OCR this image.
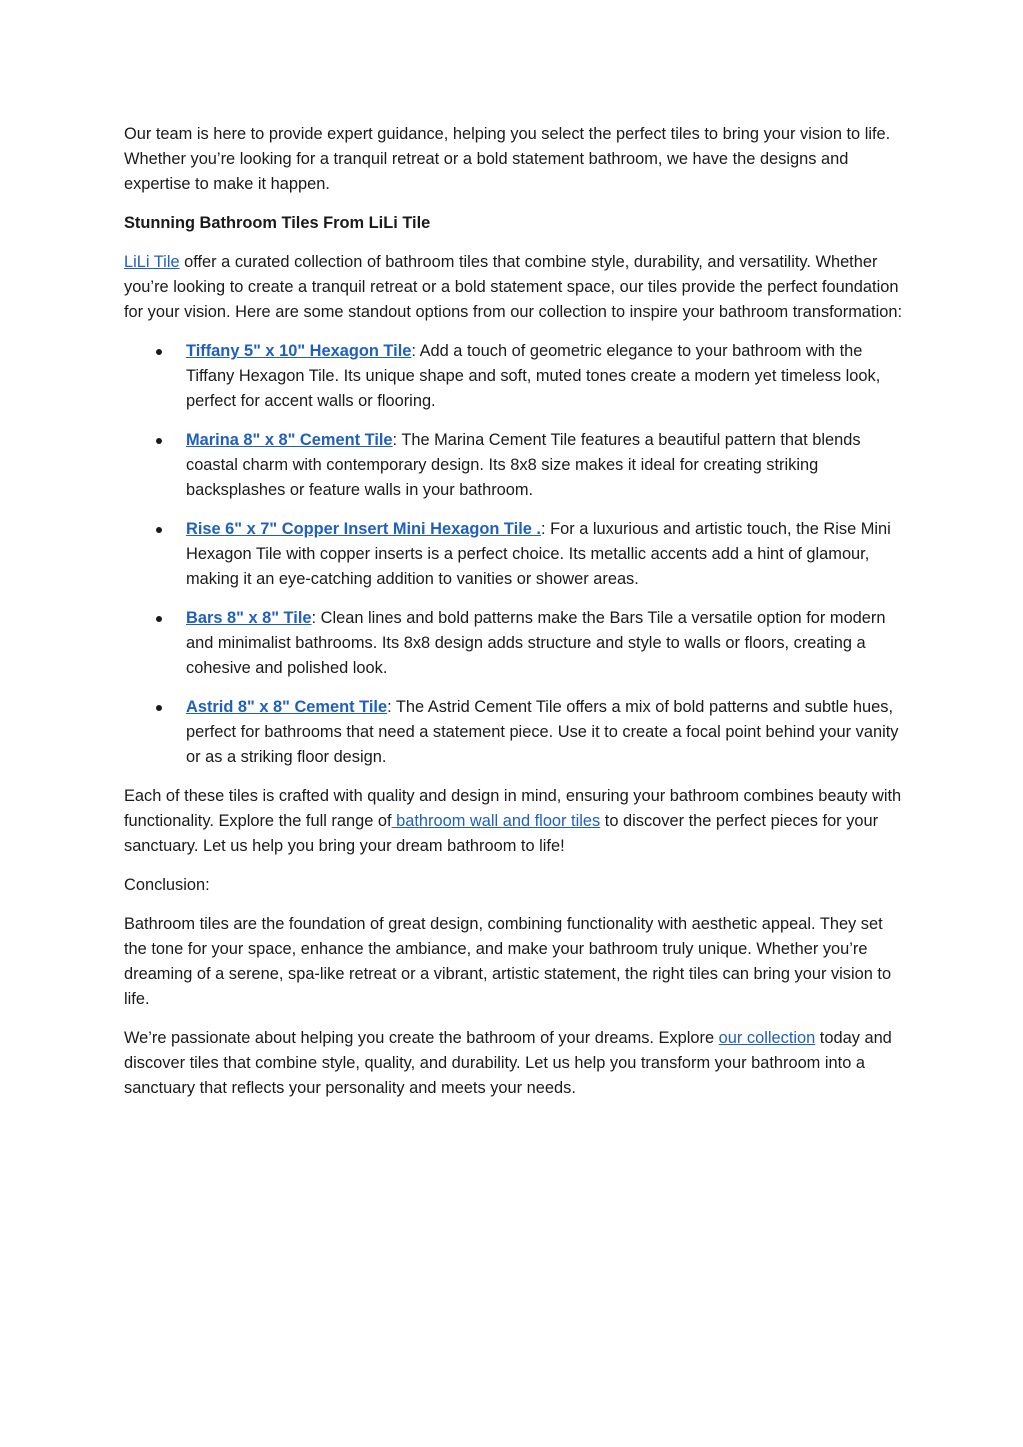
Our team is here to provide expert guidance, helping you select the perfect tiles to bring your vision to life. Whether you’re looking for a tranquil retreat or a bold statement bathroom, we have the designs and expertise to make it happen.

Stunning Bathroom Tiles From LiLi Tile

LiLi Tile offer a curated collection of bathroom tiles that combine style, durability, and versatility. Whether you’re looking to create a tranquil retreat or a bold statement space, our tiles provide the perfect foundation for your vision. Here are some standout options from our collection to inspire your bathroom transformation:

Tiffany 5" x 10" Hexagon Tile: Add a touch of geometric elegance to your bathroom with the Tiffany Hexagon Tile. Its unique shape and soft, muted tones create a modern yet timeless look, perfect for accent walls or flooring.
Marina 8" x 8" Cement Tile: The Marina Cement Tile features a beautiful pattern that blends coastal charm with contemporary design. Its 8x8 size makes it ideal for creating striking backsplashes or feature walls in your bathroom.
Rise 6" x 7" Copper Insert Mini Hexagon Tile .: For a luxurious and artistic touch, the Rise Mini Hexagon Tile with copper inserts is a perfect choice. Its metallic accents add a hint of glamour, making it an eye-catching addition to vanities or shower areas.
Bars 8" x 8" Tile: Clean lines and bold patterns make the Bars Tile a versatile option for modern and minimalist bathrooms. Its 8x8 design adds structure and style to walls or floors, creating a cohesive and polished look.
Astrid 8" x 8" Cement Tile: The Astrid Cement Tile offers a mix of bold patterns and subtle hues, perfect for bathrooms that need a statement piece. Use it to create a focal point behind your vanity or as a striking floor design.

Each of these tiles is crafted with quality and design in mind, ensuring your bathroom combines beauty with functionality. Explore the full range of bathroom wall and floor tiles to discover the perfect pieces for your sanctuary. Let us help you bring your dream bathroom to life!

Conclusion:

Bathroom tiles are the foundation of great design, combining functionality with aesthetic appeal. They set the tone for your space, enhance the ambiance, and make your bathroom truly unique. Whether you’re dreaming of a serene, spa-like retreat or a vibrant, artistic statement, the right tiles can bring your vision to life.

We’re passionate about helping you create the bathroom of your dreams. Explore our collection today and discover tiles that combine style, quality, and durability. Let us help you transform your bathroom into a sanctuary that reflects your personality and meets your needs.
